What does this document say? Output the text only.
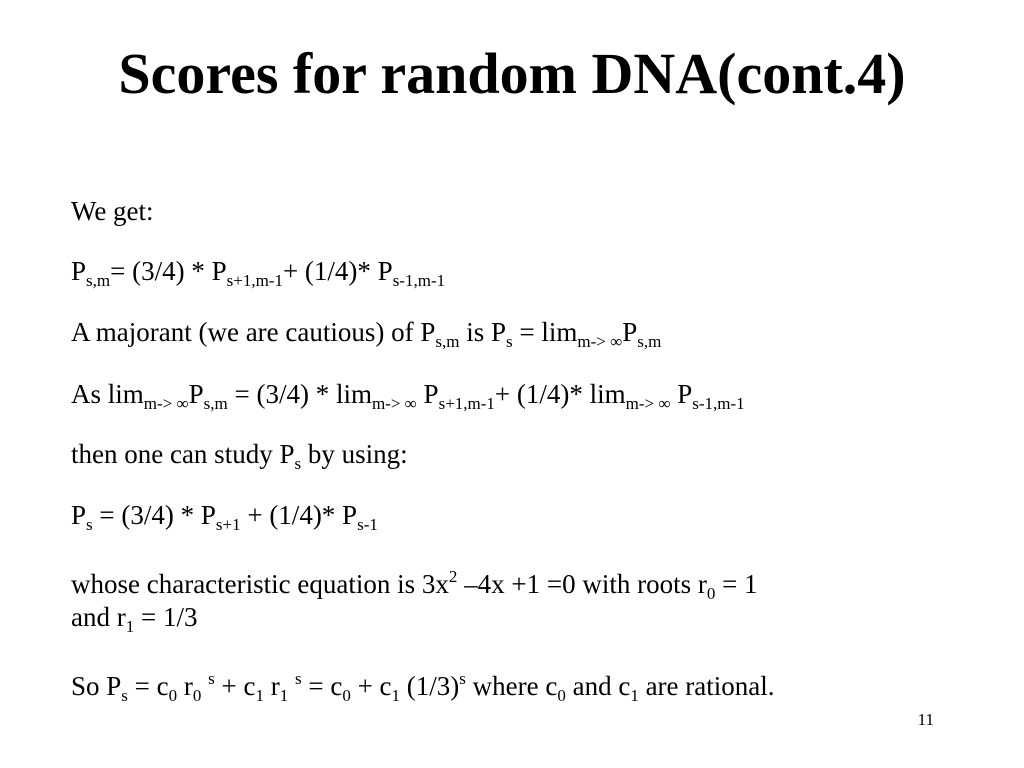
Scores for random DNA(cont.4)
We get:
$P_{s,m}= (3/4) * P_{s+1,m-1}+ (1/4)*$ $P_{s-1,m-1}$
A majorant (we are cautious) of $P_{s,m}$ is $P_s = \lim_{m-> \infty}P_{s,m}$
As $\lim_{m-> \infty}P_{s,m} = (3/4) * \lim_{m-> \infty} P_{s+1,m-1}+ (1/4)*$ $\lim_{m-> \infty} P_{s-1,m-1}$
then one can study $P_s$ by using:
$P_s = (3/4) * P_{s+1} + (1/4)*$ $P_{s-1}$
whose characteristic equation is $3x^2$ –4x +1 =0 with roots $r_0 = 1$
and $r_1 = 1/3$
So $P_s = c_0$ $r_0$ $^s + c_1$ $r_1$ $^s = c_0 + c_1$ $(1/3)^s$ where $c_0$ and $c_1$ are rational.
11
